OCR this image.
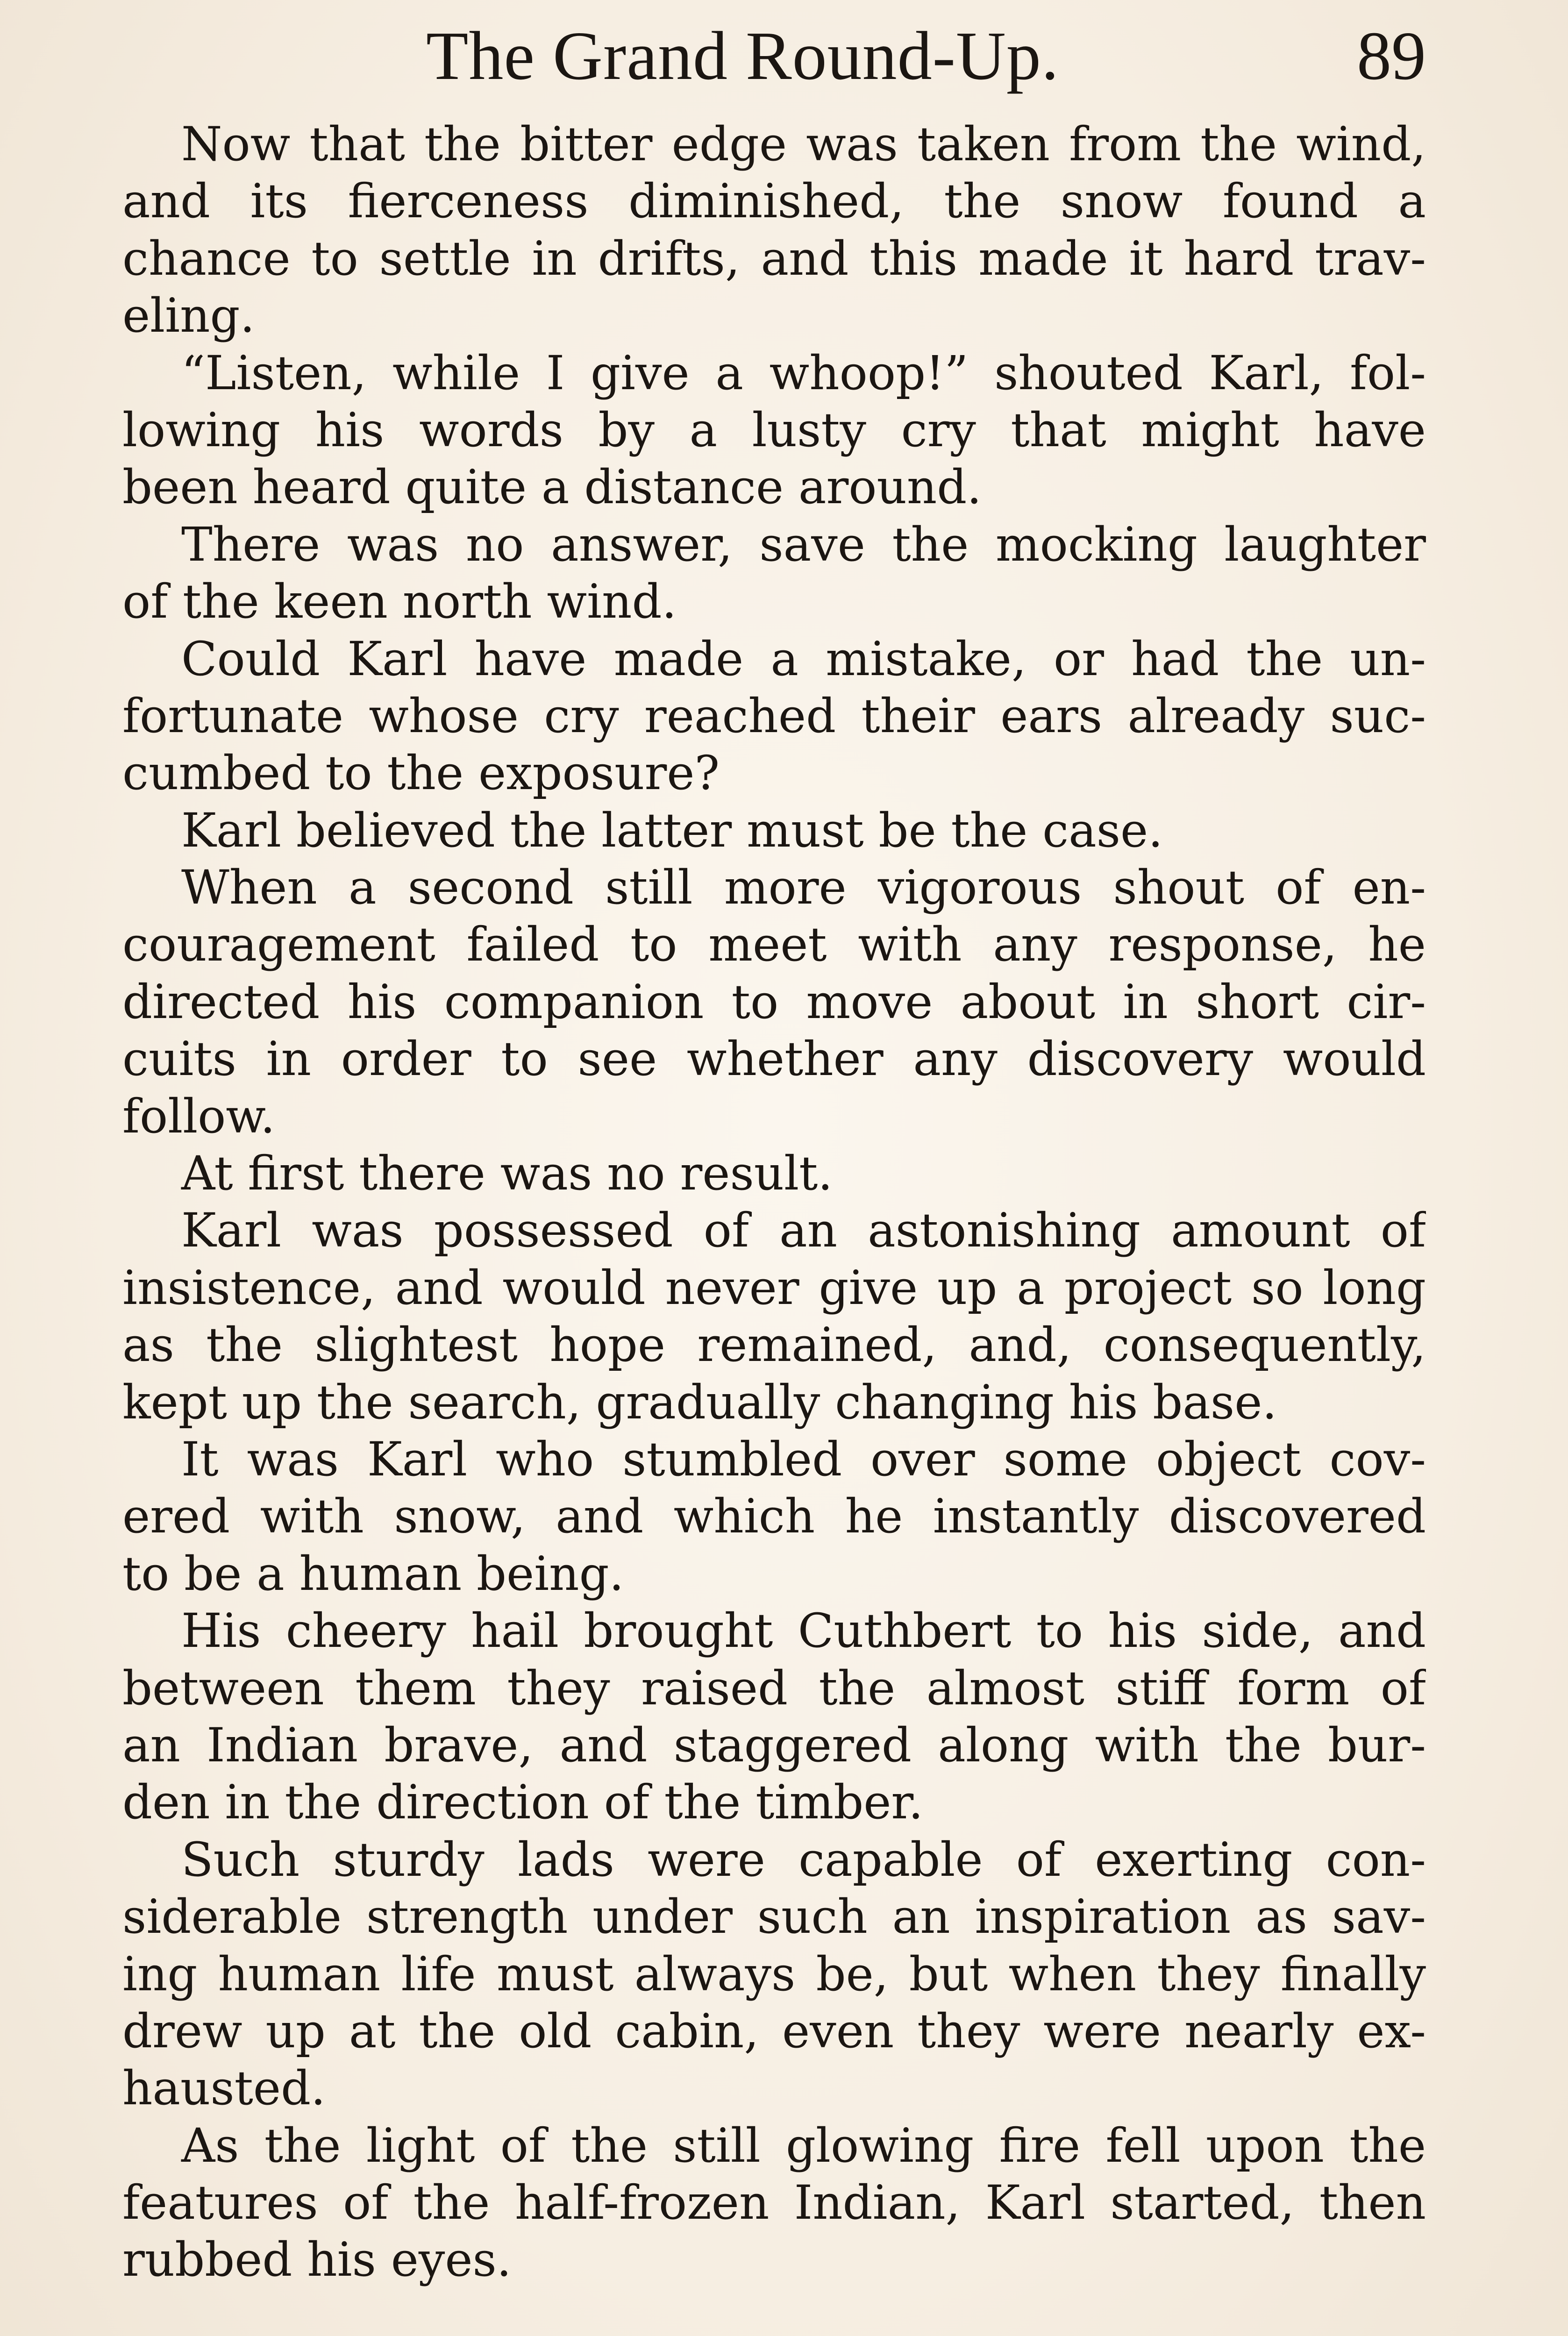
The Grand Round-Up.	89
Now that the bitter edge was taken from the wind,
and its fierceness diminished, the snow found a
chance to settle in drifts, and this made it hard trav-
eling.
“Listen, while I give a whoop!” shouted Karl, fol-
lowing his words by a lusty cry that might have
been heard quite a distance around.
There was no answer, save the mocking laughter
of the keen north wind.
Could Karl have made a mistake, or had the un-
fortunate whose cry reached their ears already suc-
cumbed to the exposure?
Karl believed the latter must be the case.
When a second still more vigorous shout of en-
couragement failed to meet with any response, he
directed his companion to move about in short cir-
cuits in order to see whether any discovery would
follow.
At first there was no result.
Karl was possessed of an astonishing amount of
insistence, and would never give up a project so long
as the slightest hope remained, and, consequently,
kept up the search, gradually changing his base.
It was Karl who stumbled over some object cov-
ered with snow, and which he instantly discovered
to be a human being.
His cheery hail brought Cuthbert to his side, and
between them they raised the almost stiff form of
an Indian brave, and staggered along with the bur-
den in the direction of the timber.
Such sturdy lads were capable of exerting con-
siderable strength under such an inspiration as sav-
ing human life must always be, but when they finally
drew up at the old cabin, even they were nearly ex-
hausted.
As the light of the still glowing fire fell upon the
features of the half-frozen Indian, Karl started, then
rubbed his eyes.
